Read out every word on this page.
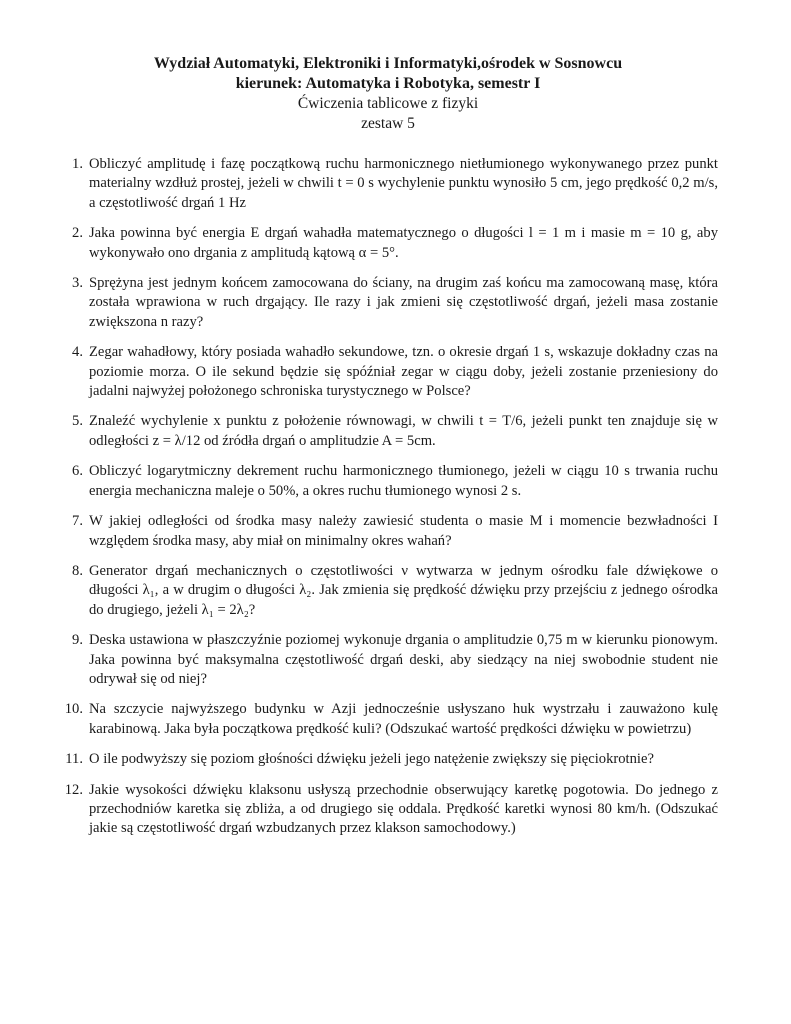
Wydział Automatyki, Elektroniki i Informatyki,ośrodek w Sosnowcu
kierunek: Automatyka i Robotyka, semestr I
Ćwiczenia tablicowe z fizyki
zestaw 5
1. Obliczyć amplitudę i fazę początkową ruchu harmonicznego nietłumionego wykonywanego przez punkt materialny wzdłuż prostej, jeżeli w chwili t = 0 s wychylenie punktu wynosiło 5 cm, jego prędkość 0,2 m/s, a częstotliwość drgań 1 Hz
2. Jaka powinna być energia E drgań wahadła matematycznego o długości l = 1 m i masie m = 10 g, aby wykonywało ono drgania z amplitudą kątową α = 5°.
3. Sprężyna jest jednym końcem zamocowana do ściany, na drugim zaś końcu ma zamocowaną masę, która została wprawiona w ruch drgający. Ile razy i jak zmieni się częstotliwość drgań, jeżeli masa zostanie zwiększona n razy?
4. Zegar wahadłowy, który posiada wahadło sekundowe, tzn. o okresie drgań 1 s, wskazuje dokładny czas na poziomie morza. O ile sekund będzie się spóźniał zegar w ciągu doby, jeżeli zostanie przeniesiony do jadalni najwyżej położonego schroniska turystycznego w Polsce?
5. Znaleźć wychylenie x punktu z położenie równowagi, w chwili t = T/6, jeżeli punkt ten znajduje się w odległości z = λ/12 od źródła drgań o amplitudzie A = 5cm.
6. Obliczyć logarytmiczny dekrement ruchu harmonicznego tłumionego, jeżeli w ciągu 10 s trwania ruchu energia mechaniczna maleje o 50%, a okres ruchu tłumionego wynosi 2 s.
7. W jakiej odległości od środka masy należy zawiesić studenta o masie M i momencie bezwładności I względem środka masy, aby miał on minimalny okres wahań?
8. Generator drgań mechanicznych o częstotliwości ν wytwarza w jednym ośrodku fale dźwiękowe o długości λ₁, a w drugim o długości λ₂. Jak zmienia się prędkość dźwięku przy przejściu z jednego ośrodka do drugiego, jeżeli λ₁ = 2λ₂?
9. Deska ustawiona w płaszczyźnie poziomej wykonuje drgania o amplitudzie 0,75 m w kierunku pionowym. Jaka powinna być maksymalna częstotliwość drgań deski, aby siedzący na niej swobodnie student nie odrywał się od niej?
10. Na szczycie najwyższego budynku w Azji jednocześnie usłyszano huk wystrzału i zauważono kulę karabinową. Jaka była początkowa prędkość kuli? (Odszukać wartość prędkości dźwięku w powietrzu)
11. O ile podwyższy się poziom głośności dźwięku jeżeli jego natężenie zwiększy się pięciokrotnie?
12. Jakie wysokości dźwięku klaksonu usłyszą przechodnie obserwujący karetkę pogotowia. Do jednego z przechodniów karetka się zbliża, a od drugiego się oddala. Prędkość karetki wynosi 80 km/h. (Odszukać jakie są częstotliwość drgań wzbudzanych przez klakson samochodowy.)
